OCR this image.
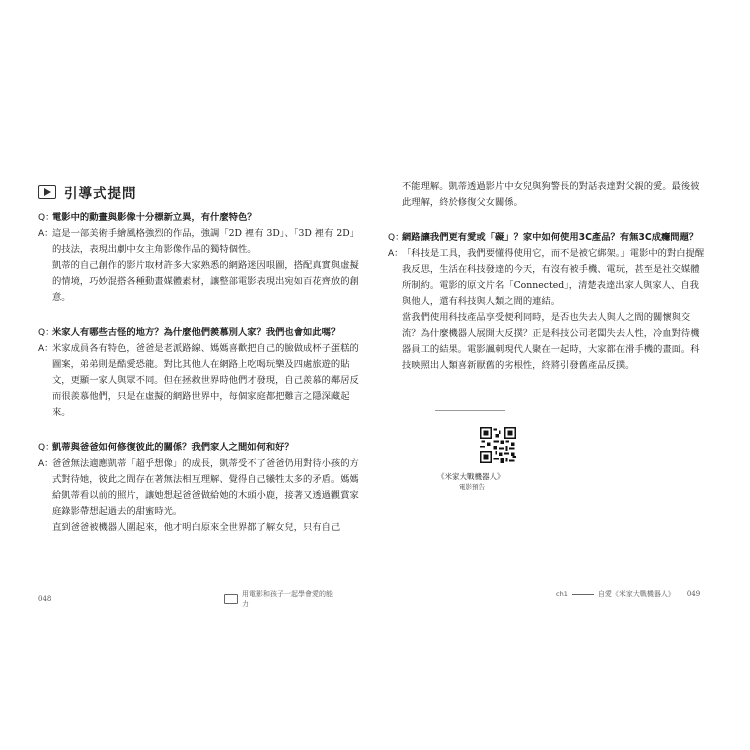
引導式提問
Q：
電影中的動畫與影像十分標新立異，有什麼特色？
A：
這是一部美術手繪風格強烈的作品，強調「2D 裡有 3D」、「3D 裡有 2D」的技法，表現出劇中女主角影像作品的獨特個性。
凱蒂的自己創作的影片取材許多大家熟悉的網路迷因哏圖，搭配真實與虛擬的情境，巧妙混搭各種動畫媒體素材，讓整部電影表現出宛如百花齊放的創意。
Q：
米家人有哪些古怪的地方？為什麼他們羨慕別人家？我們也會如此嗎？
A：
米家成員各有特色，爸爸是老派路線、媽媽喜歡把自己的臉做成杯子蛋糕的圖案，弟弟則是酷愛恐龍。對比其他人在網路上吃喝玩樂及四處旅遊的貼文，更顯一家人與眾不同。但在拯救世界時他們才發現，自己羨慕的鄰居反而很羨慕他們，只是在虛擬的網路世界中，每個家庭都把難言之隱深藏起來。
Q：
凱蒂與爸爸如何修復彼此的關係？我們家人之間如何和好？
A：
爸爸無法適應凱蒂「超乎想像」的成長，凱蒂受不了爸爸仍用對待小孩的方式對待她，彼此之間存在著無法相互理解、覺得自己犧牲太多的矛盾。媽媽給凱蒂看以前的照片，讓她想起爸爸做給她的木頭小鹿，接著又透過觀賞家庭錄影帶想起過去的甜蜜時光。
直到爸爸被機器人圍起來，他才明白原來全世界都了解女兒，只有自己
048
用電影和孩子一起學會愛的能力
不能理解。凱蒂透過影片中女兒與狗警長的對話表達對父親的愛。最後彼此理解，終於修復父女關係。
Q：
網路讓我們更有愛或「礙」？家中如何使用3C產品？有無3C成癮問題？
A：
「科技是工具，我們要懂得使用它，而不是被它綁架。」電影中的對白提醒我反思，生活在科技發達的今天，有沒有被手機、電玩，甚至是社交媒體所制約。電影的原文片名「Connected」，清楚表達出家人與家人、自我與他人，還有科技與人類之間的連結。
當我們使用科技產品享受便利同時，是否也失去人與人之間的關懷與交流？為什麼機器人展開大反撲？正是科技公司老闆失去人性，冷血對待機器員工的結果。電影諷刺現代人聚在一起時，大家都在滑手機的畫面。科技映照出人類喜新厭舊的劣根性，終將引發舊產品反撲。
《米家大戰機器人》
電影預告
ch1	自愛《米家大戰機器人》 049
